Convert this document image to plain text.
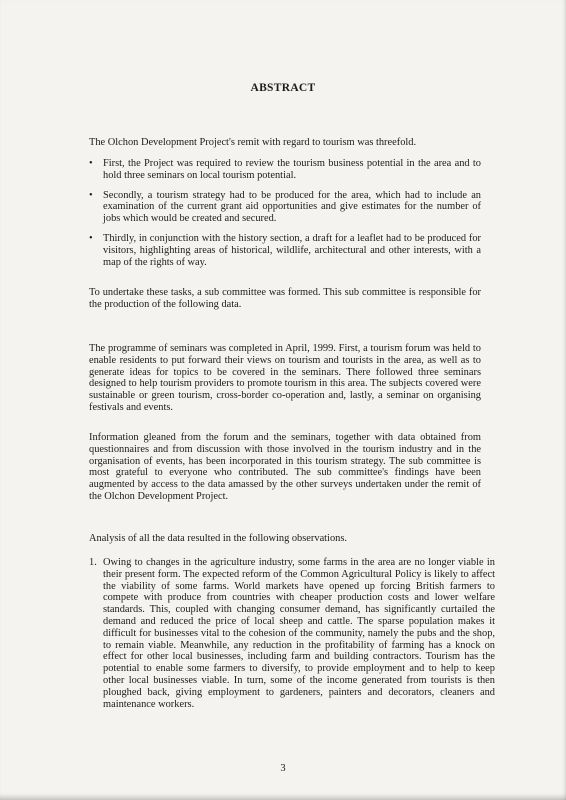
ABSTRACT
The Olchon Development Project's remit with regard to tourism was threefold.
• First, the Project was required to review the tourism business potential in the area and to hold three seminars on local tourism potential.
• Secondly, a tourism strategy had to be produced for the area, which had to include an examination of the current grant aid opportunities and give estimates for the number of jobs which would be created and secured.
• Thirdly, in conjunction with the history section, a draft for a leaflet had to be produced for visitors, highlighting areas of historical, wildlife, architectural and other interests, with a map of the rights of way.
To undertake these tasks, a sub committee was formed. This sub committee is responsible for the production of the following data.
The programme of seminars was completed in April, 1999. First, a tourism forum was held to enable residents to put forward their views on tourism and tourists in the area, as well as to generate ideas for topics to be covered in the seminars. There followed three seminars designed to help tourism providers to promote tourism in this area. The subjects covered were sustainable or green tourism, cross-border co-operation and, lastly, a seminar on organising festivals and events.
Information gleaned from the forum and the seminars, together with data obtained from questionnaires and from discussion with those involved in the tourism industry and in the organisation of events, has been incorporated in this tourism strategy. The sub committee is most grateful to everyone who contributed. The sub committee's findings have been augmented by access to the data amassed by the other surveys undertaken under the remit of the Olchon Development Project.
Analysis of all the data resulted in the following observations.
1. Owing to changes in the agriculture industry, some farms in the area are no longer viable in their present form. The expected reform of the Common Agricultural Policy is likely to affect the viability of some farms. World markets have opened up forcing British farmers to compete with produce from countries with cheaper production costs and lower welfare standards. This, coupled with changing consumer demand, has significantly curtailed the demand and reduced the price of local sheep and cattle. The sparse population makes it difficult for businesses vital to the cohesion of the community, namely the pubs and the shop, to remain viable. Meanwhile, any reduction in the profitability of farming has a knock on effect for other local businesses, including farm and building contractors. Tourism has the potential to enable some farmers to diversify, to provide employment and to help to keep other local businesses viable. In turn, some of the income generated from tourists is then ploughed back, giving employment to gardeners, painters and decorators, cleaners and maintenance workers.
3
